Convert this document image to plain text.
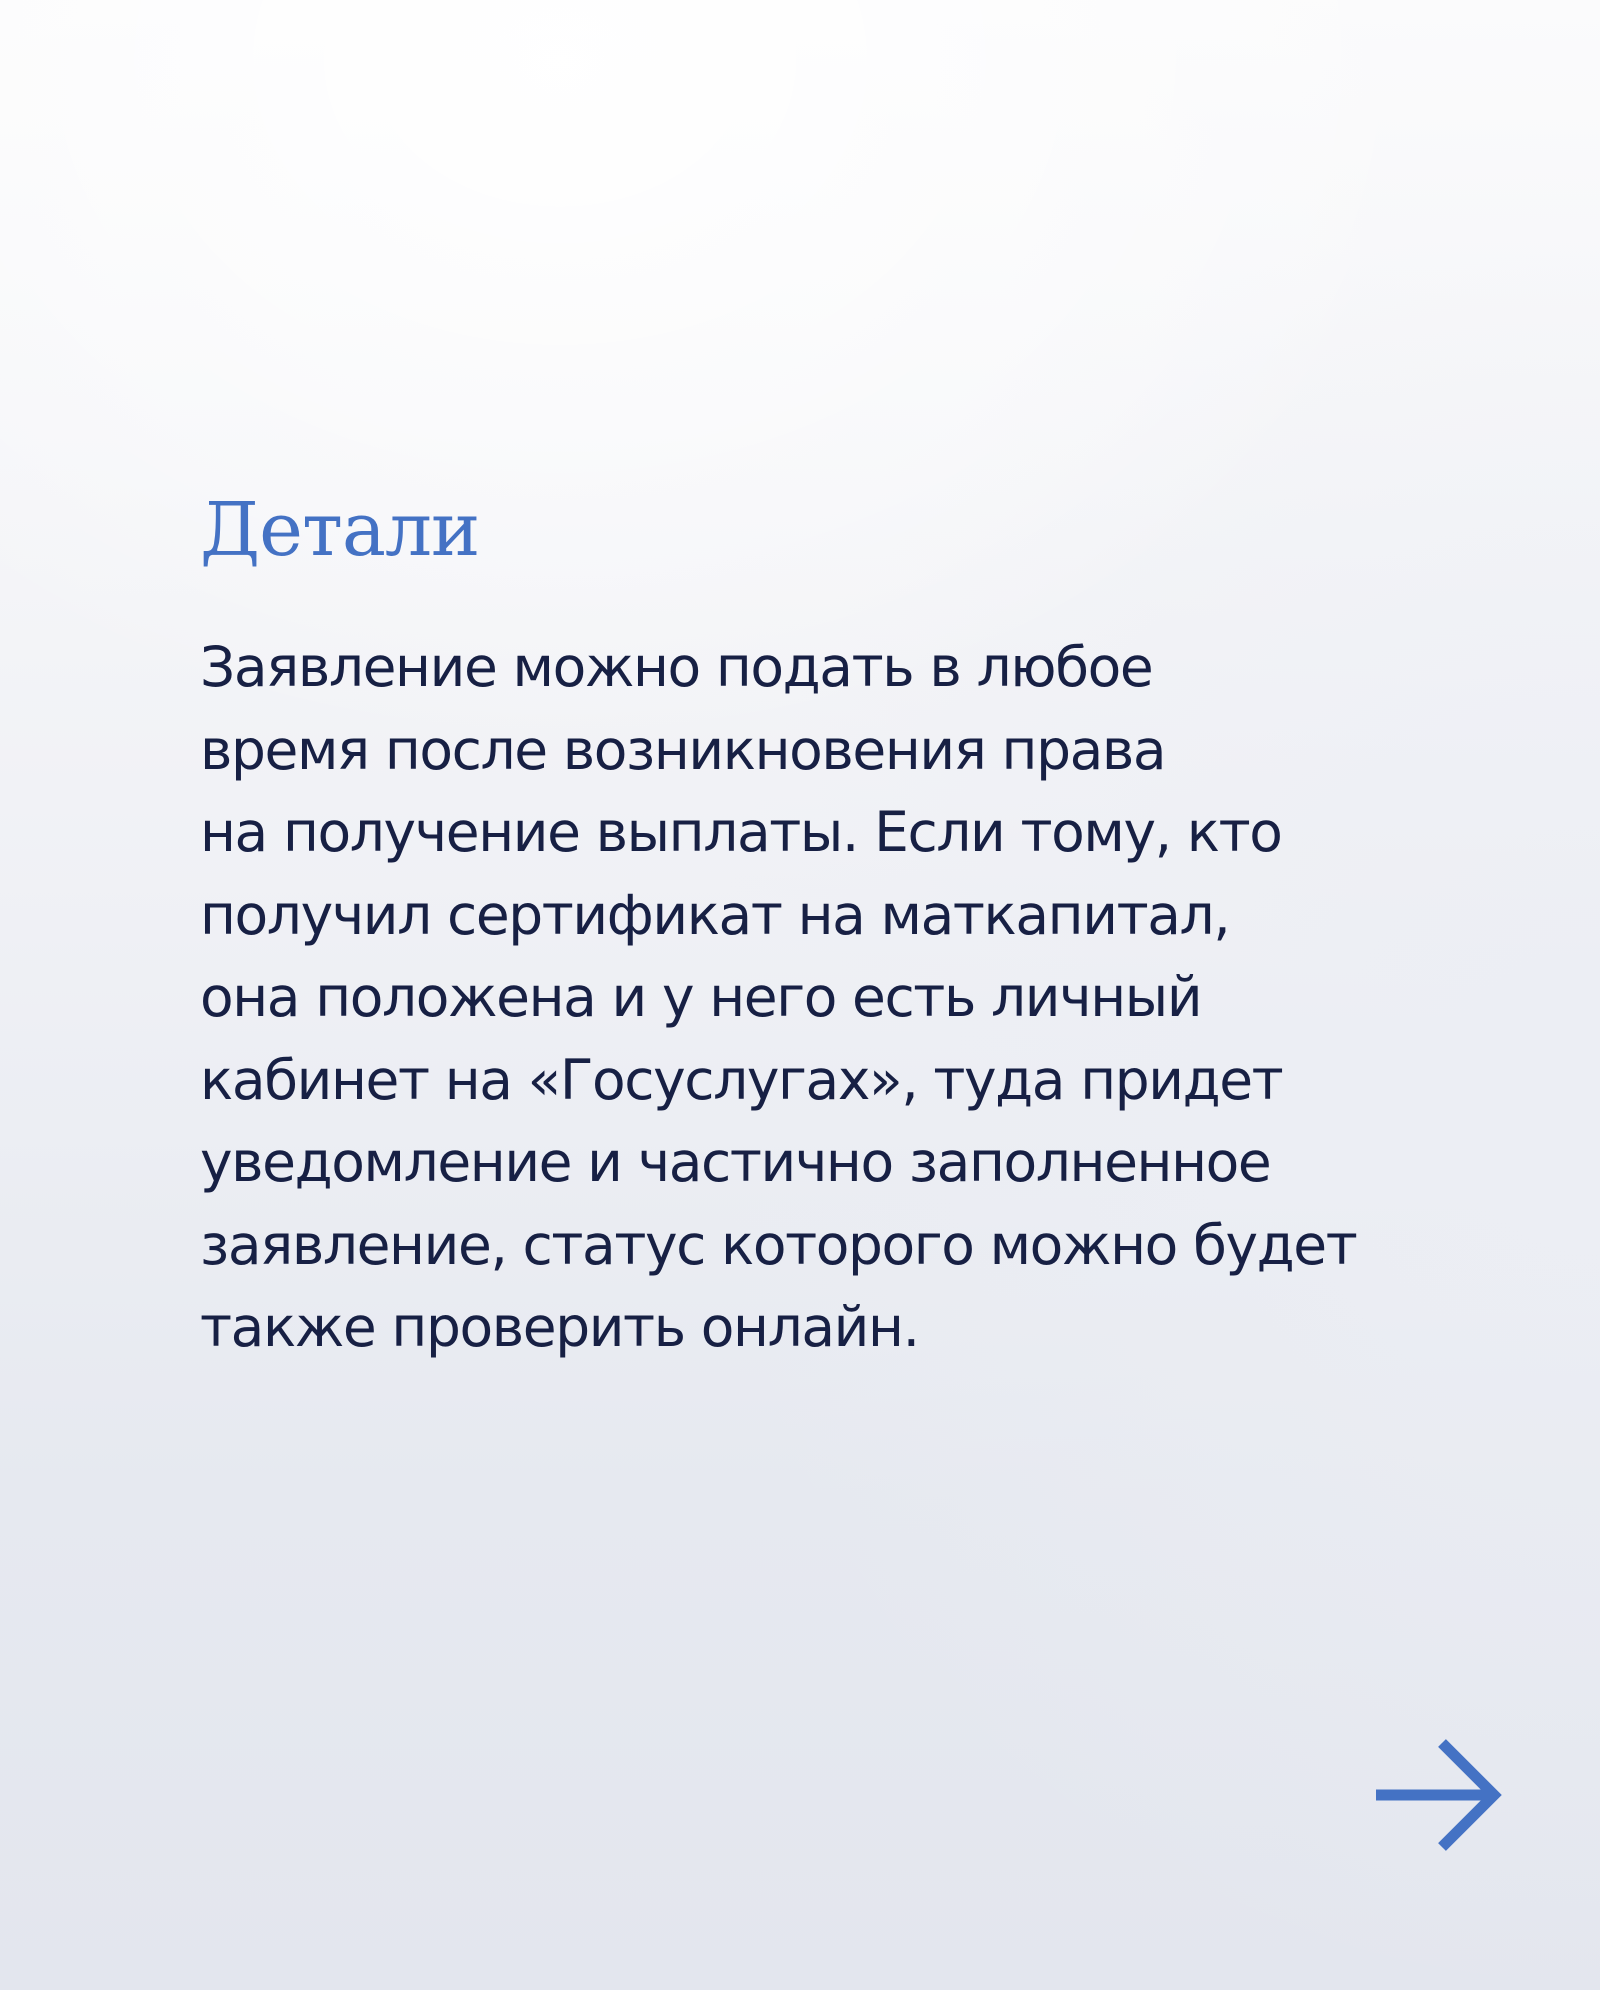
Детали

Заявление можно подать в любое
время после возникновения права
на получение выплаты. Если тому, кто
получил сертификат на маткапитал,
она положена и у него есть личный
кабинет на «Госуслугах», туда придет
уведомление и частично заполненное
заявление, статус которого можно будет
также проверить онлайн.
